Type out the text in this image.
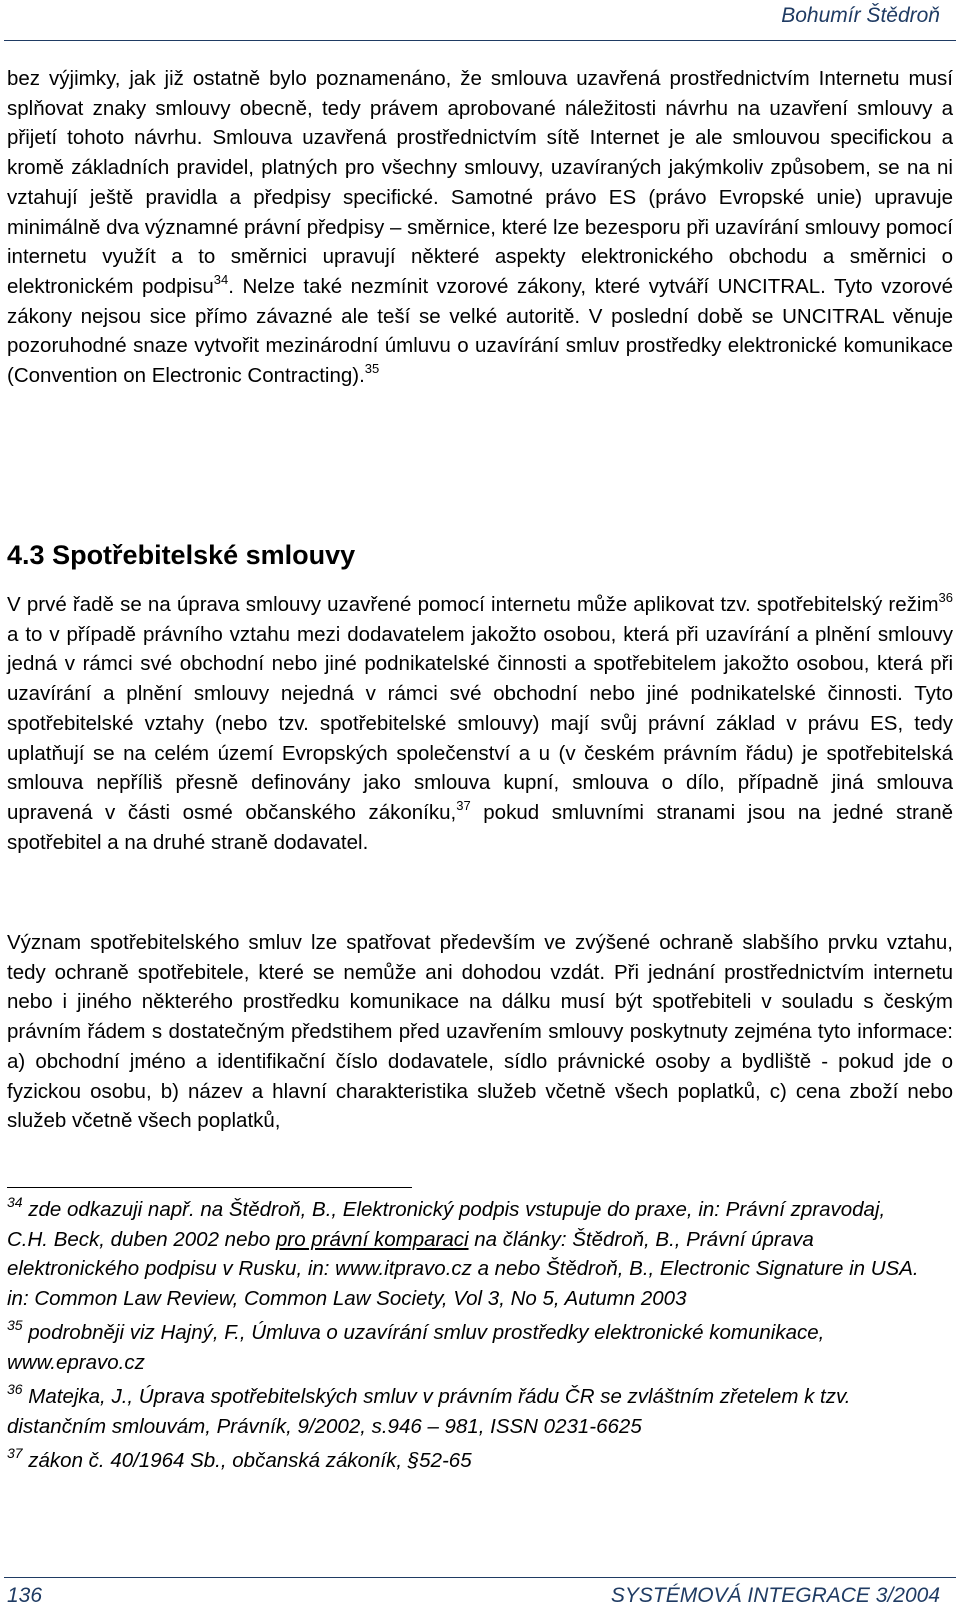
Bohumír Štědroň

bez výjimky, jak již ostatně bylo poznamenáno, že smlouva uzavřená prostřednictvím Internetu musí splňovat znaky smlouvy obecně, tedy právem aprobované náležitosti návrhu na uzavření smlouvy a přijetí tohoto návrhu. Smlouva uzavřená prostřednictvím sítě Internet je ale smlouvou specifickou a kromě základních pravidel, platných pro všechny smlouvy, uzavíraných jakýmkoliv způsobem, se na ni vztahují ještě pravidla a předpisy specifické. Samotné právo ES (právo Evropské unie) upravuje minimálně dva významné právní předpisy – směrnice, které lze bezesporu při uzavírání smlouvy pomocí internetu využít a to směrnici upravují některé aspekty elektronického obchodu a směrnici o elektronickém podpisu$^{34}$. Nelze také nezmínit vzorové zákony, které vytváří UNCITRAL. Tyto vzorové zákony nejsou sice přímo závazné ale teší se velké autoritě. V poslední době se UNCITRAL věnuje pozoruhodné snaze vytvořit mezinárodní úmluvu o uzavírání smluv prostředky elektronické komunikace (Convention on Electronic Contracting).$^{35}$

4.3 Spotřebitelské smlouvy

V prvé řadě se na úprava smlouvy uzavřené pomocí internetu může aplikovat tzv. spotřebitelský režim$^{36}$ a to v případě právního vztahu mezi dodavatelem jakožto osobou, která při uzavírání a plnění smlouvy jedná v rámci své obchodní nebo jiné podnikatelské činnosti a spotřebitelem jakožto osobou, která při uzavírání a plnění smlouvy nejedná v rámci své obchodní nebo jiné podnikatelské činnosti. Tyto spotřebitelské vztahy (nebo tzv. spotřebitelské smlouvy) mají svůj právní základ v právu ES, tedy uplatňují se na celém území Evropských společenství a u (v českém právním řádu) je spotřebitelská smlouva nepříliš přesně definovány jako smlouva kupní, smlouva o dílo, případně jiná smlouva upravená v části osmé občanského zákoníku,$^{37}$ pokud smluvními stranami jsou na jedné straně spotřebitel a na druhé straně dodavatel.

Význam spotřebitelského smluv lze spatřovat především ve zvýšené ochraně slabšího prvku vztahu, tedy ochraně spotřebitele, které se nemůže ani dohodou vzdát. Při jednání prostřednictvím internetu nebo i jiného některého prostředku komunikace na dálku musí být spotřebiteli v souladu s českým právním řádem s dostatečným předstihem před uzavřením smlouvy poskytnuty zejména tyto informace: a) obchodní jméno a identifikační číslo dodavatele, sídlo právnické osoby a bydliště - pokud jde o fyzickou osobu, b) název a hlavní charakteristika služeb včetně všech poplatků, c) cena zboží nebo služeb včetně všech poplatků,

$^{34}$ zde odkazuji např. na Štědroň, B., Elektronický podpis vstupuje do praxe, in: Právní zpravodaj, C.H. Beck, duben 2002 nebo pro právní komparaci na články: Štědroň, B., Právní úprava elektronického podpisu v Rusku, in: www.itpravo.cz a nebo Štědroň, B., Electronic Signature in USA. in: Common Law Review, Common Law Society, Vol 3, No 5, Autumn 2003

$^{35}$ podrobněji viz Hajný, F., Úmluva o uzavírání smluv prostředky elektronické komunikace, www.epravo.cz

$^{36}$ Matejka, J., Úprava spotřebitelských smluv v právním řádu ČR se zvláštním zřetelem k tzv. distančním smlouvám, Právník, 9/2002, s.946 – 981, ISSN 0231-6625

$^{37}$ zákon č. 40/1964 Sb., občanská zákoník, §52-65

136	SYSTÉMOVÁ INTEGRACE 3/2004
